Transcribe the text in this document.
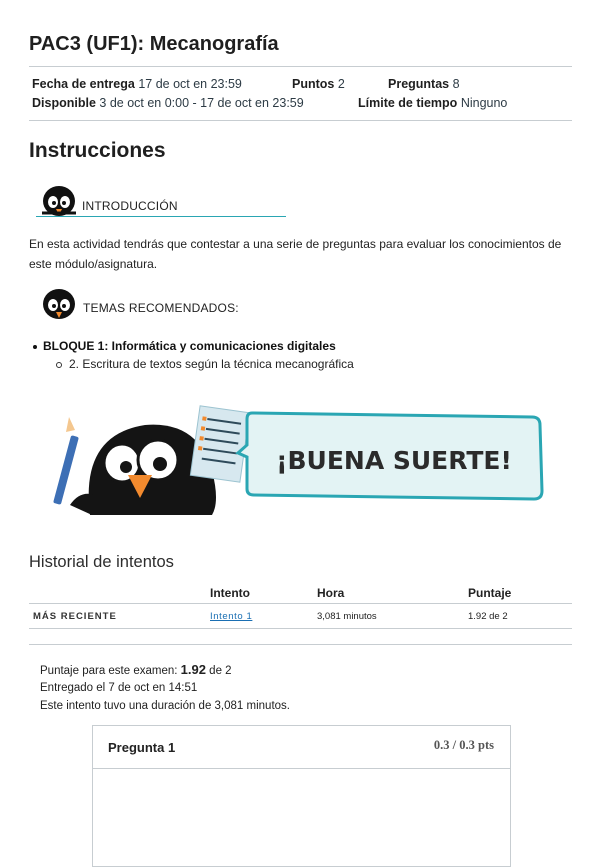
PAC3 (UF1): Mecanografía
Fecha de entrega 17 de oct en 23:59	Puntos 2	Preguntas 8
Disponible 3 de oct en 0:00 - 17 de oct en 23:59	Límite de tiempo Ninguno
Instrucciones
INTRODUCCIÓN
En esta actividad tendrás que contestar a una serie de preguntas para evaluar los conocimientos de este módulo/asignatura.
TEMAS RECOMENDADOS:
BLOQUE 1: Informática y comunicaciones digitales
2. Escritura de textos según la técnica mecanográfica
¡BUENA SUERTE!
Historial de intentos
Intento	Hora	Puntaje
MÁS RECIENTE	Intento 1	3,081 minutos	1.92 de 2
Puntaje para este examen: 1.92 de 2
Entregado el 7 de oct en 14:51
Este intento tuvo una duración de 3,081 minutos.
Pregunta 1	0.3 / 0.3 pts
